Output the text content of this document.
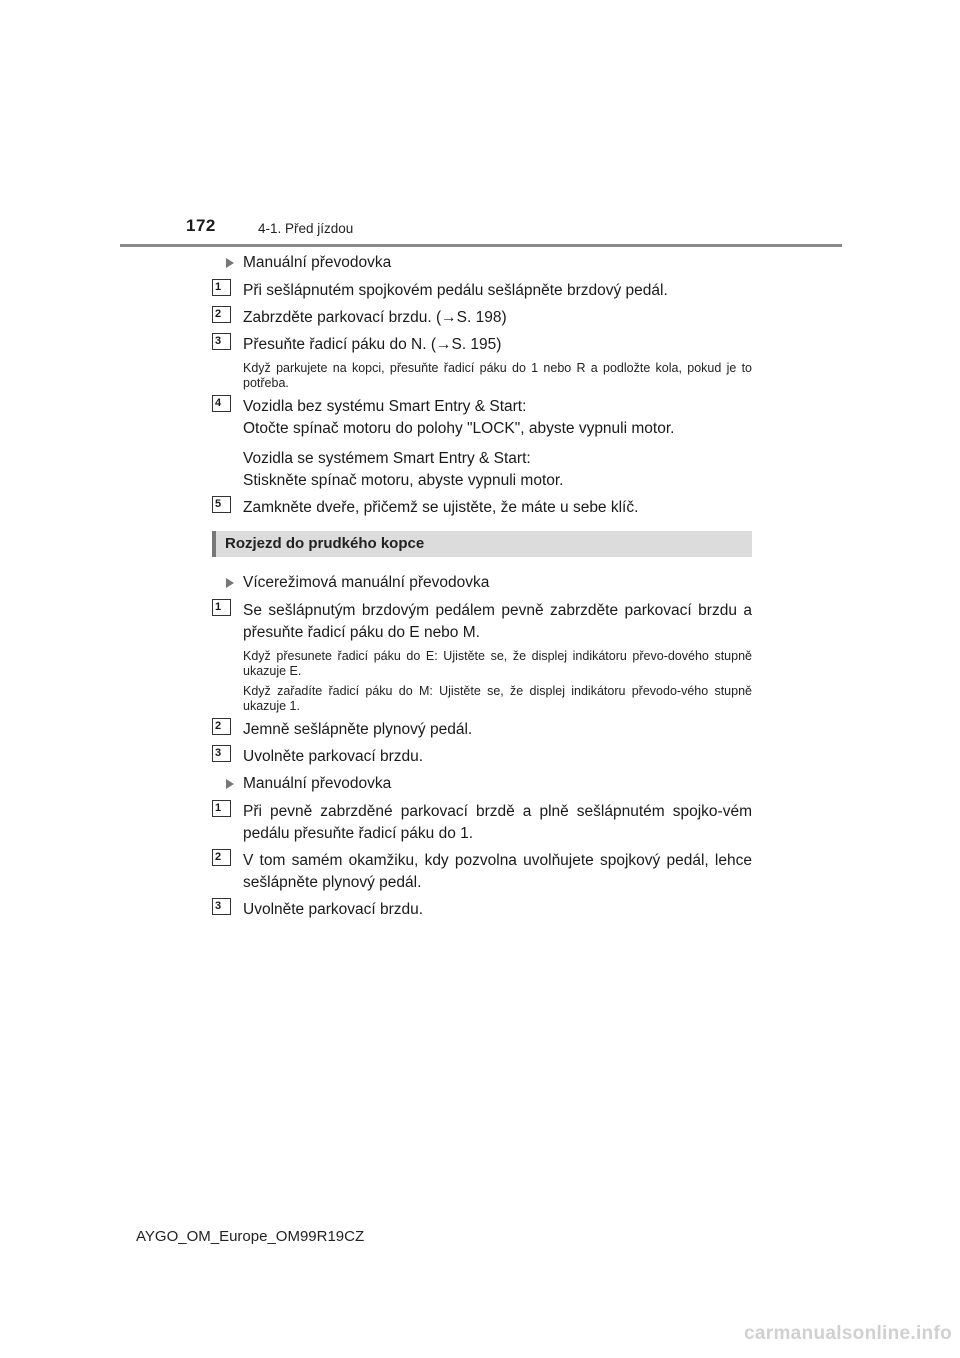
172	4-1. Před jízdou
Manuální převodovka
1	Při sešlápnutém spojkovém pedálu sešlápněte brzdový pedál.
2	Zabrzděte parkovací brzdu. (→S. 198)
3	Přesuňte řadicí páku do N. (→S. 195)
Když parkujete na kopci, přesuňte řadicí páku do 1 nebo R a podložte kola, pokud je to potřeba.
4	Vozidla bez systému Smart Entry & Start:
Otočte spínač motoru do polohy "LOCK", abyste vypnuli motor.
Vozidla se systémem Smart Entry & Start:
Stiskněte spínač motoru, abyste vypnuli motor.
5	Zamkněte dveře, přičemž se ujistěte, že máte u sebe klíč.
Rozjezd do prudkého kopce
Vícerežimová manuální převodovka
1	Se sešlápnutým brzdovým pedálem pevně zabrzděte parkovací brzdu a přesuňte řadicí páku do E nebo M.
Když přesunete řadicí páku do E: Ujistěte se, že displej indikátoru převo-dového stupně ukazuje E.
Když zařadíte řadicí páku do M: Ujistěte se, že displej indikátoru převodo-vého stupně ukazuje 1.
2	Jemně sešlápněte plynový pedál.
3	Uvolněte parkovací brzdu.
Manuální převodovka
1	Při pevně zabrzděné parkovací brzdě a plně sešlápnutém spojko-vém pedálu přesuňte řadicí páku do 1.
2	V tom samém okamžiku, kdy pozvolna uvolňujete spojkový pedál, lehce sešlápněte plynový pedál.
3	Uvolněte parkovací brzdu.
AYGO_OM_Europe_OM99R19CZ
carmanualsonline.info
